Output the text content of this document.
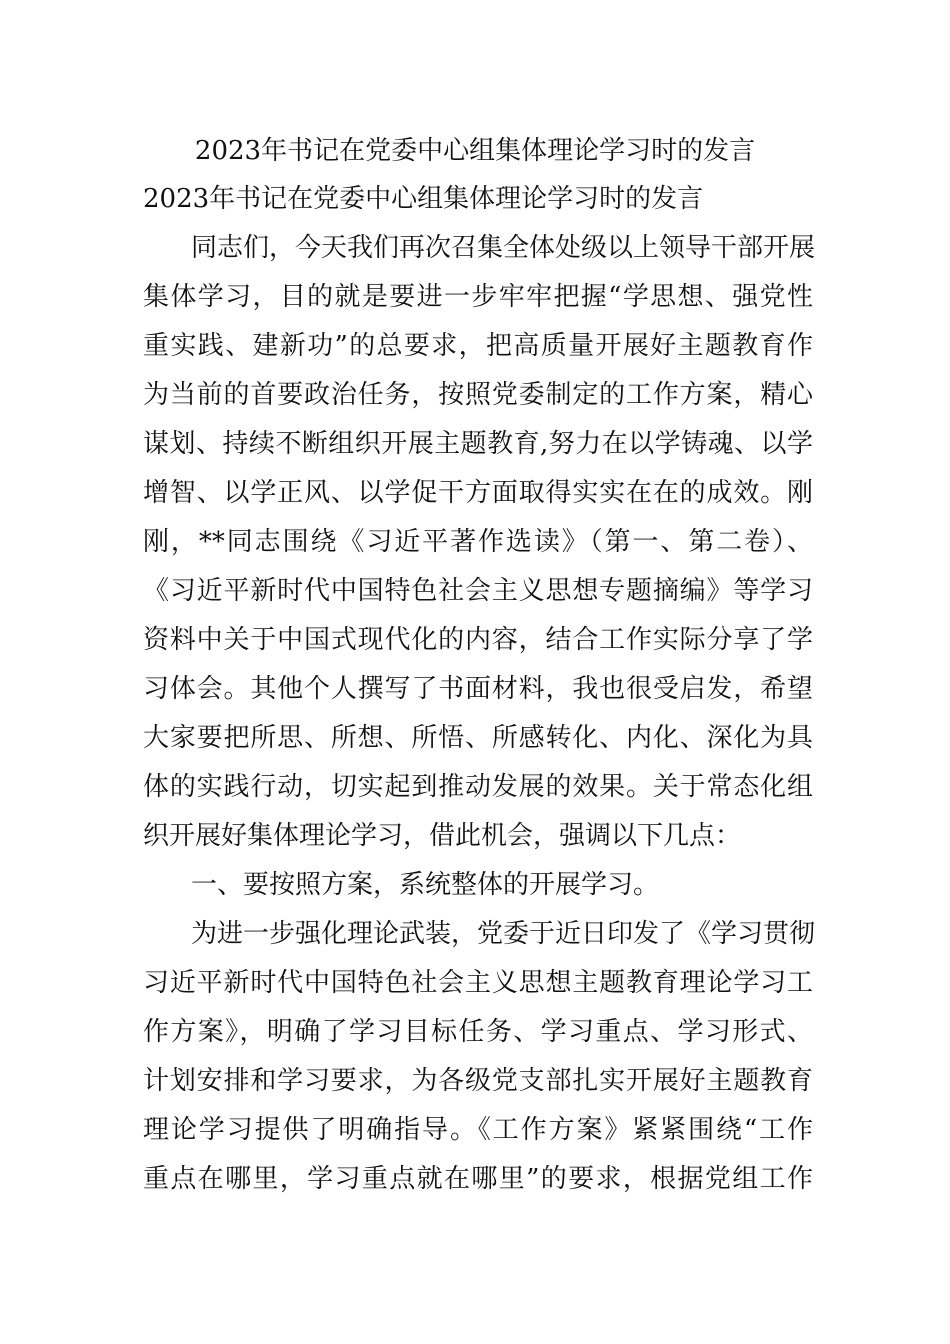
2023年书记在党委中心组集体理论学习时的发言
2023年书记在党委中心组集体理论学习时的发言
同志们，今天我们再次召集全体处级以上领导干部开展
集体学习，目的就是要进一步牢牢把握“学思想、强党性
重实践、建新功”的总要求，把高质量开展好主题教育作
为当前的首要政治任务，按照党委制定的工作方案，精心
谋划、持续不断组织开展主题教育,努力在以学铸魂、以学
增智、以学正风、以学促干方面取得实实在在的成效。刚
刚，**同志围绕《习近平著作选读》（第一、第二卷）、
《习近平新时代中国特色社会主义思想专题摘编》等学习
资料中关于中国式现代化的内容，结合工作实际分享了学
习体会。其他个人撰写了书面材料，我也很受启发，希望
大家要把所思、所想、所悟、所感转化、内化、深化为具
体的实践行动，切实起到推动发展的效果。关于常态化组
织开展好集体理论学习，借此机会，强调以下几点：
一、要按照方案，系统整体的开展学习。
为进一步强化理论武装，党委于近日印发了《学习贯彻
习近平新时代中国特色社会主义思想主题教育理论学习工
作方案》，明确了学习目标任务、学习重点、学习形式、
计划安排和学习要求，为各级党支部扎实开展好主题教育
理论学习提供了明确指导。《工作方案》紧紧围绕“工作
重点在哪里，学习重点就在哪里”的要求，根据党组工作
